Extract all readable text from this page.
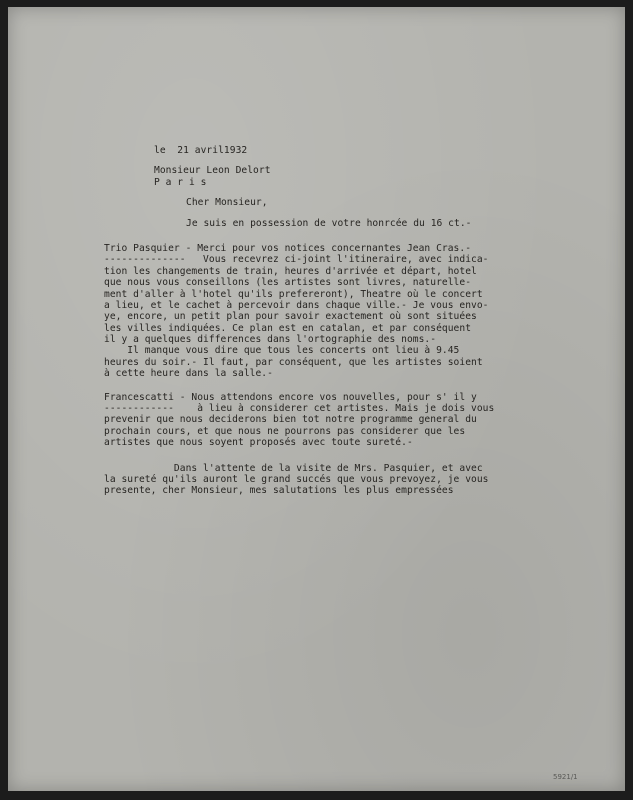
le  21 avril1932
Monsieur Leon Delort
P a r i s
Cher Monsieur,
Je suis en possession de votre honrcée du 16 ct.-
Trio Pasquier - Merci pour vos notices concernantes Jean Cras.-
--------------   Vous recevrez ci-joint l'itineraire, avec indica-
tion les changements de train, heures d'arrivée et départ, hotel
que nous vous conseillons (les artistes sont livres, naturelle-
ment d'aller à l'hotel qu'ils prefereront), Theatre où le concert
a lieu, et le cachet à percevoir dans chaque ville.- Je vous envo-
ye, encore, un petit plan pour savoir exactement où sont situées
les villes indiquées. Ce plan est en catalan, et par conséquent
il y a quelques differences dans l'ortographie des noms.-
Il manque vous dire que tous les concerts ont lieu à 9.45
heures du soir.- Il faut, par conséquent, que les artistes soient
à cette heure dans la salle.-
Francescatti - Nous attendons encore vos nouvelles, pour s' il y
------------    à lieu à considerer cet artistes. Mais je dois vous
prevenir que nous deciderons bien tot notre programme general du
prochain cours, et que nous ne pourrons pas considerer que les
artistes que nous soyent proposés avec toute sureté.-
Dans l'attente de la visite de Mrs. Pasquier, et avec
la sureté qu'ils auront le grand succés que vous prevoyez, je vous
presente, cher Monsieur, mes salutations les plus empressées
5921/1
